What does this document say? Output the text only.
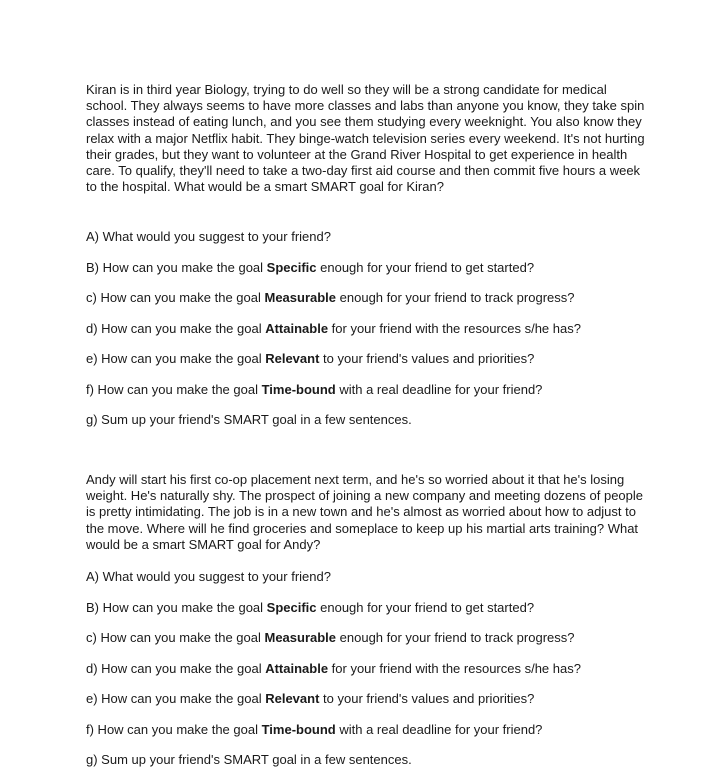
Kiran is in third year Biology, trying to do well so they will be a strong candidate for medical school. They always seems to have more classes and labs than anyone you know, they take spin classes instead of eating lunch, and you see them studying every weeknight. You also know they relax with a major Netflix habit. They binge-watch television series every weekend. It's not hurting their grades, but they want to volunteer at the Grand River Hospital to get experience in health care. To qualify, they'll need to take a two-day first aid course and then commit five hours a week to the hospital. What would be a smart SMART goal for Kiran?

A) What would you suggest to your friend?
B) How can you make the goal Specific enough for your friend to get started?
c) How can you make the goal Measurable enough for your friend to track progress?
d) How can you make the goal Attainable for your friend with the resources s/he has?
e) How can you make the goal Relevant to your friend's values and priorities?
f) How can you make the goal Time-bound with a real deadline for your friend?
g) Sum up your friend's SMART goal in a few sentences.

Andy will start his first co-op placement next term, and he's so worried about it that he's losing weight. He's naturally shy. The prospect of joining a new company and meeting dozens of people is pretty intimidating. The job is in a new town and he's almost as worried about how to adjust to the move. Where will he find groceries and someplace to keep up his martial arts training? What would be a smart SMART goal for Andy?

A) What would you suggest to your friend?
B) How can you make the goal Specific enough for your friend to get started?
c) How can you make the goal Measurable enough for your friend to track progress?
d) How can you make the goal Attainable for your friend with the resources s/he has?
e) How can you make the goal Relevant to your friend's values and priorities?
f) How can you make the goal Time-bound with a real deadline for your friend?
g) Sum up your friend's SMART goal in a few sentences.
